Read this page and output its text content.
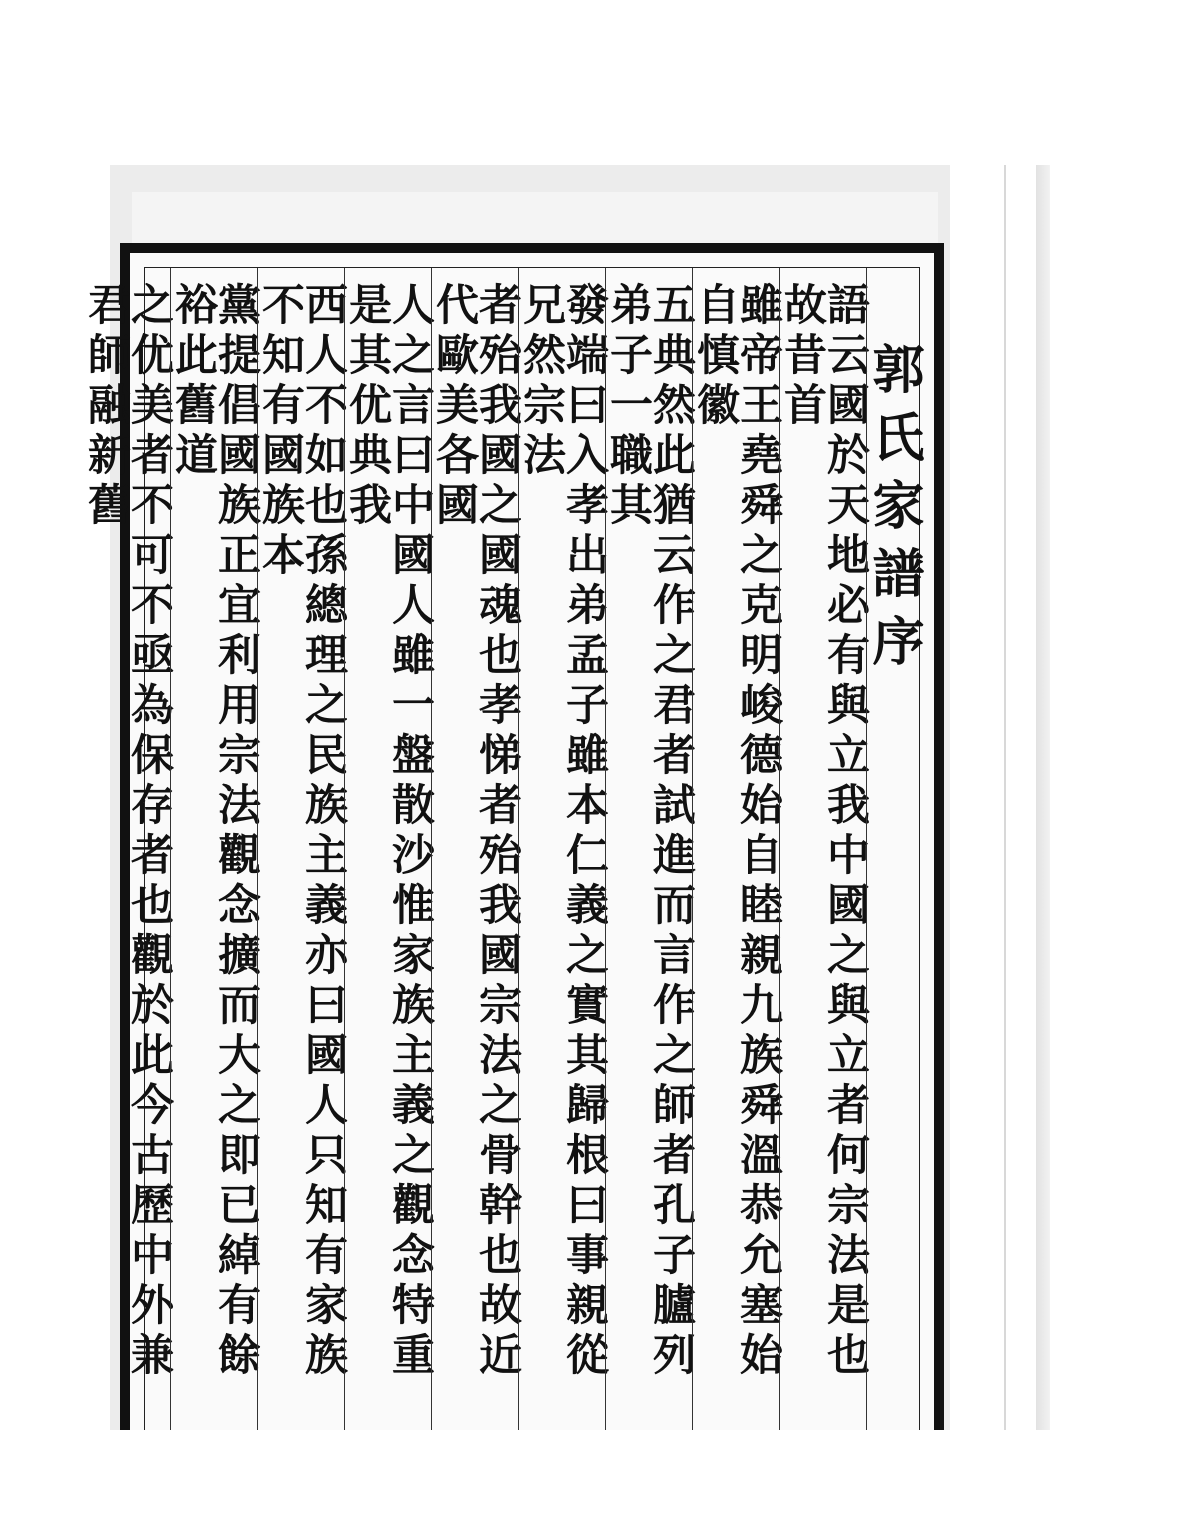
郭氏家譜序
語云國於天地必有與立我中國之與立者何宗法是也故昔首
雖帝王堯舜之克明峻德始自睦親九族舜溫恭允塞始自慎徽
五典然此猶云作之君者試進而言作之師者孔子臚列弟子一職其
發端曰入孝出弟孟子雖本仁義之實其歸根曰事親從兄然宗法
者殆我國之國魂也孝悌者殆我國宗法之骨幹也故近代歐美各國
人之言曰中國人雖一盤散沙惟家族主義之觀念特重是其优典我
西人不如也孫總理之民族主義亦曰國人只知有家族不知有國族本
黨提倡國族正宜利用宗法觀念擴而大之即已綽有餘裕此舊道
之优美者不可不亟為保存者也觀於此今古歷中外兼君師融新舊
